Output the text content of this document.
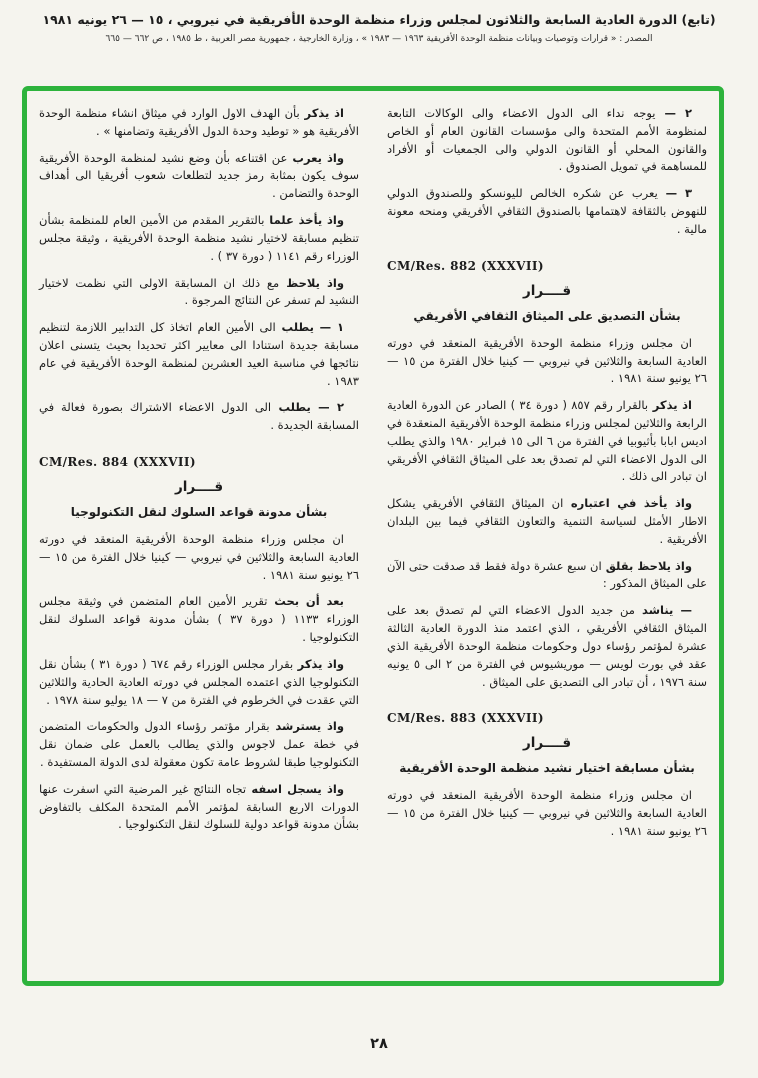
(تابع) الدورة العادية السابعة والثلاثون لمجلس وزراء منظمة الوحدة الأفريقية في نيروبي ، ١٥ — ٢٦ يونيه ١٩٨١
المصدر : « قرارات وتوصيات وبيانات منظمة الوحدة الأفريقية ١٩٦٣ — ١٩٨٣ » ، وزارة الخارجية ، جمهورية مصر العربية ، ط ١٩٨٥ ، ص ٦٦٢ — ٦٦٥

٢ — يوجه نداء الى الدول الاعضاء والى الوكالات التابعة لمنظومة الأمم المتحدة والى مؤسسات القانون العام أو الخاص والقانون المحلي أو القانون الدولي والى الجمعيات أو الأفراد للمساهمة في تمويل الصندوق .

٣ — يعرب عن شكره الخالص لليونسكو وللصندوق الدولي للنهوض بالثقافة لاهتمامها بالصندوق الثقافي الأفريقي ومنحه معونة مالية .

CM/Res. 882 (XXXVII)
قــــرار
بشأن التصديق على الميثاق الثقافي الأفريقي

ان مجلس وزراء منظمة الوحدة الأفريقية المنعقد في دورته العادية السابعة والثلاثين في نيروبي — كينيا خلال الفترة من ١٥ — ٢٦ يونيو سنة ١٩٨١ .

اذ يذكر بالقرار رقم ٨٥٧ ( دورة ٣٤ ) الصادر عن الدورة العادية الرابعة والثلاثين لمجلس وزراء منظمة الوحدة الأفريقية المنعقدة في اديس ابابا بأثيوبيا في الفترة من ٦ الى ١٥ فبراير ١٩٨٠ والذي يطلب الى الدول الاعضاء التي لم تصدق بعد على الميثاق الثقافي الأفريقي ان تبادر الى ذلك .

واذ يأخذ في اعتباره ان الميثاق الثقافي الأفريقي يشكل الاطار الأمثل لسياسة التنمية والتعاون الثقافي فيما بين البلدان الأفريقية .

واذ يلاحظ بقلق ان سبع عشرة دولة فقط قد صدقت حتى الآن على الميثاق المذكور :

— يناشد من جديد الدول الاعضاء التي لم تصدق بعد على الميثاق الثقافي الأفريقي ، الذي اعتمد منذ الدورة العادية الثالثة عشرة لمؤتمر رؤساء دول وحكومات منظمة الوحدة الأفريقية الذي عقد في بورت لويس — موريشيوس في الفترة من ٢ الى ٥ يونيه سنة ١٩٧٦ ، أن تبادر الى التصديق على الميثاق .

CM/Res. 883 (XXXVII)
قــــرار
بشأن مسابقة اختيار نشيد منظمة الوحدة الأفريقية

ان مجلس وزراء منظمة الوحدة الأفريقية المنعقد في دورته العادية السابعة والثلاثين في نيروبي — كينيا خلال الفترة من ١٥ — ٢٦ يونيو سنة ١٩٨١ .

اذ يذكر بأن الهدف الاول الوارد في ميثاق انشاء منظمة الوحدة الأفريقية هو « توطيد وحدة الدول الأفريقية وتضامنها » .

واذ يعرب عن اقتناعه بأن وضع نشيد لمنظمة الوحدة الأفريقية سوف يكون بمثابة رمز جديد لتطلعات شعوب أفريقيا الى أهداف الوحدة والتضامن .

واذ يأخذ علما بالتقرير المقدم من الأمين العام للمنظمة بشأن تنظيم مسابقة لاختيار نشيد منظمة الوحدة الأفريقية ، وثيقة مجلس الوزراء رقم ١١٤١ ( دورة ٣٧ ) .

واذ يلاحظ مع ذلك ان المسابقة الاولى التي نظمت لاختيار النشيد لم تسفر عن النتائج المرجوة .

١ — يطلب الى الأمين العام اتخاذ كل التدابير اللازمة لتنظيم مسابقة جديدة استنادا الى معايير اكثر تحديدا بحيث يتسنى اعلان نتائجها في مناسبة العيد العشرين لمنظمة الوحدة الأفريقية في عام ١٩٨٣ .

٢ — يطلب الى الدول الاعضاء الاشتراك بصورة فعالة في المسابقة الجديدة .

CM/Res. 884 (XXXVII)
قــــرار
بشأن مدونة قواعد السلوك لنقل التكنولوجيا

ان مجلس وزراء منظمة الوحدة الأفريقية المنعقد في دورته العادية السابعة والثلاثين في نيروبي — كينيا خلال الفترة من ١٥ — ٢٦ يونيو سنة ١٩٨١ .

بعد أن بحث تقرير الأمين العام المتضمن في وثيقة مجلس الوزراء ١١٣٣ ( دورة ٣٧ ) بشأن مدونة قواعد السلوك لنقل التكنولوجيا .

واذ يذكر بقرار مجلس الوزراء رقم ٦٧٤ ( دورة ٣١ ) بشأن نقل التكنولوجيا الذي اعتمده المجلس في دورته العادية الحادية والثلاثين التي عقدت في الخرطوم في الفترة من ٧ — ١٨ يوليو سنة ١٩٧٨ .

واذ يسترشد بقرار مؤتمر رؤساء الدول والحكومات المتضمن في خطة عمل لاجوس والذي يطالب بالعمل على ضمان نقل التكنولوجيا طبقا لشروط عامة تكون معقولة لدى الدولة المستفيدة .

واذ يسجل اسفه تجاه النتائج غير المرضية التي اسفرت عنها الدورات الاربع السابقة لمؤتمر الأمم المتحدة المكلف بالتفاوض بشأن مدونة قواعد دولية للسلوك لنقل التكنولوجيا .

٢٨
